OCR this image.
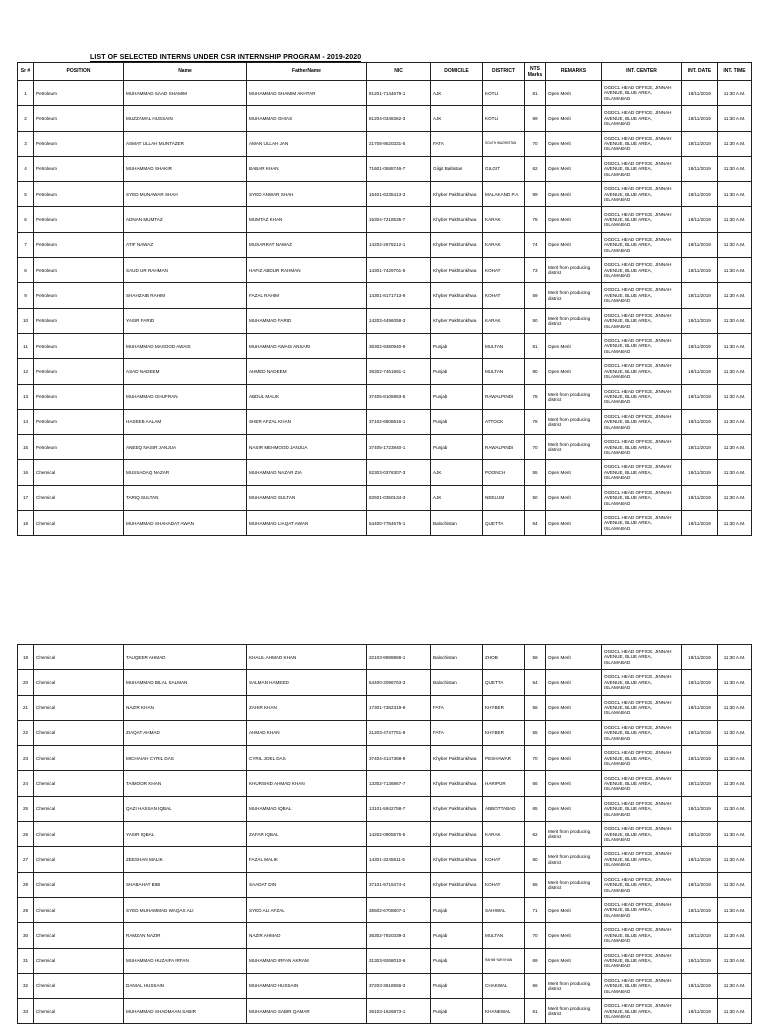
LIST OF SELECTED INTERNS UNDER CSR INTERNSHIP PROGRAM - 2019-2020
Sr #	POSITION	Name	FatherName	NIC	DOMICILE	DISTRICT	NTS Marks	REMARKS	INT. CENTER	INT. DATE	INT. TIME
1	Petroleum	MUHAMMAD SAAD SHAMIM	MUHAMMAD SHAMIM AKHTAR	81201-7144679-1	AJK	KOTLI	81	Open Merit	OGDCL HEAD OFFICE, JINNAH AVENUE, BLUE AREA, ISLAMABAD	18/11/2019	11:30 A.M.
2	Petroleum	MUZZAMAL HUSSAIN	MUHAMMAD GHIAS	81204-0348362-3	AJK	KOTLI	69	Open Merit	OGDCL HEAD OFFICE, JINNAH AVENUE, BLUE AREA, ISLAMABAD	18/11/2019	11:30 A.M.
3	Petroleum	ASMAT ULLAH MUNTAZER	AMAN ULLAH JAN	21708-9520331-5	FATA	SOUTH WAZIRISTAN	70	Open Merit	OGDCL HEAD OFFICE, JINNAH AVENUE, BLUE AREA, ISLAMABAD	18/11/2019	11:30 A.M.
4	Petroleum	MUHAMMAD SHAKIR	BABAR KHAN	71601-0588746-7	Gilgit Baltistan	GILGIT	62	Open Merit	OGDCL HEAD OFFICE, JINNAH AVENUE, BLUE AREA, ISLAMABAD	18/11/2019	11:30 A.M.
5	Petroleum	SYED MUNAWAR SHAH	SYED ANWAR SHAH	15401-6235413-3	Khyber Pakhtunkhwa	MALAKAND P.A	89	Open Merit	OGDCL HEAD OFFICE, JINNAH AVENUE, BLUE AREA, ISLAMABAD	18/11/2019	11:30 A.M.
6	Petroleum	ADNAN MUMTAZ	MUMTAZ KHAN	15304-7218535-7	Khyber Pakhtunkhwa	KARAK	76	Open Merit	OGDCL HEAD OFFICE, JINNAH AVENUE, BLUE AREA, ISLAMABAD	18/11/2019	11:30 A.M.
7	Petroleum	ATIF NAWAZ	MUSARRAT NAWAZ	14202-2676212-1	Khyber Pakhtunkhwa	KARAK	74	Open Merit	OGDCL HEAD OFFICE, JINNAH AVENUE, BLUE AREA, ISLAMABAD	18/11/2019	11:30 A.M.
8	Petroleum	SAUD UR RAHMAN	HAFIZ ABDUR RAHMAN	14301-7429701-5	Khyber Pakhtunkhwa	KOHAT	73	Merit from producing district	OGDCL HEAD OFFICE, JINNAH AVENUE, BLUE AREA, ISLAMABAD	18/11/2019	11:30 A.M.
9	Petroleum	SHAHZAIB RAHIM	FAZAL RAHIM	14301-8171713-9	Khyber Pakhtunkhwa	KOHAT	59	Merit from producing district	OGDCL HEAD OFFICE, JINNAH AVENUE, BLUE AREA, ISLAMABAD	18/11/2019	11:30 A.M.
10	Petroleum	YASIR FARID	MUHAMMAD FARID	14203-4496058-3	Khyber Pakhtunkhwa	KARAK	50	Merit from producing district	OGDCL HEAD OFFICE, JINNAH AVENUE, BLUE AREA, ISLAMABAD	18/11/2019	11:30 A.M.
11	Petroleum	MUHAMMAD MASOOD AWAIS	MUHAMMAD AWAIS ANSARI	36302-9380940-9	Punjab	MULTAN	81	Open Merit	OGDCL HEAD OFFICE, JINNAH AVENUE, BLUE AREA, ISLAMABAD	18/11/2019	11:30 A.M.
12	Petroleum	ASAD NADEEM	AHMED NADEEM	36302-7461681-1	Punjab	MULTAN	80	Open Merit	OGDCL HEAD OFFICE, JINNAH AVENUE, BLUE AREA, ISLAMABAD	18/11/2019	11:30 A.M.
13	Petroleum	MUHAMMAD GHUFRAN	ABDUL MALIK	37405-8105983-5	Punjab	RAWALPINDI	78	Merit from producing district	OGDCL HEAD OFFICE, JINNAH AVENUE, BLUE AREA, ISLAMABAD	18/11/2019	11:30 A.M.
14	Petroleum	HASEEB AALAM	SHER AFZAL KHAN	37102-6808516-1	Punjab	ATTOCK	76	Merit from producing district	OGDCL HEAD OFFICE, JINNAH AVENUE, BLUE AREA, ISLAMABAD	18/11/2019	11:30 A.M.
15	Petroleum	ANEEQ NASIR JANJUA	NASIR MEHMOOD JANJUA	37405-1723840-1	Punjab	RAWALPINDI	70	Merit from producing district	OGDCL HEAD OFFICE, JINNAH AVENUE, BLUE AREA, ISLAMABAD	18/11/2019	11:30 A.M.
16	Chemical	MUSSADAQ NAZAR	MUHAMMAD NAZAR ZIA	82303-0376307-3	AJK	POONCH	55	Open Merit	OGDCL HEAD OFFICE, JINNAH AVENUE, BLUE AREA, ISLAMABAD	18/11/2019	11:30 A.M.
17	Chemical	TARIQ SULTAN	MUHAMMAD SULTAN	82501-0350134-3	AJK	NEELUM	50	Open Merit	OGDCL HEAD OFFICE, JINNAH AVENUE, BLUE AREA, ISLAMABAD	18/11/2019	11:30 A.M.
18	Chemical	MUHAMMAD SHAHADAT AWAN	MUHAMMAD LIAQAT AWAN	54400-7784675-1	Balochistan	QUETTA	64	Open Merit	OGDCL HEAD OFFICE, JINNAH AVENUE, BLUE AREA, ISLAMABAD	18/11/2019	11:30 A.M.
19	Chemical	TAUQEER AHMAD	KHALIL AHMAD KHAN	32103-8898888-1	Balochistan	ZHOB	59	Open Merit	OGDCL HEAD OFFICE, JINNAH AVENUE, BLUE AREA, ISLAMABAD	18/11/2019	11:30 A.M.
20	Chemical	MUHAMMAD BILAL SALMAN	SALMAN HAMEED	54400-2096763-3	Balochistan	QUETTA	54	Open Merit	OGDCL HEAD OFFICE, JINNAH AVENUE, BLUE AREA, ISLAMABAD	18/11/2019	11:30 A.M.
21	Chemical	NAZIR KHAN	ZAHIR KHAN	17301-7382319-9	FATA	KHYBER	56	Open Merit	OGDCL HEAD OFFICE, JINNAH AVENUE, BLUE AREA, ISLAMABAD	18/11/2019	11:30 A.M.
22	Chemical	ZIAQAT AHMAD	AHMAD KHAN	21203-4747751-9	FATA	KHYBER	55	Open Merit	OGDCL HEAD OFFICE, JINNAH AVENUE, BLUE AREA, ISLAMABAD	18/11/2019	11:30 A.M.
23	Chemical	MICHAIAH CYRIL DAS	CYRIL JOEL DAS	37404-4147368-9	Khyber Pakhtunkhwa	PESHAWAR	70	Open Merit	OGDCL HEAD OFFICE, JINNAH AVENUE, BLUE AREA, ISLAMABAD	18/11/2019	11:30 A.M.
24	Chemical	TAIMOOR KHAN	KHURSHID AHMAD KHAN	13302-7136867-7	Khyber Pakhtunkhwa	HARIPUR	66	Open Merit	OGDCL HEAD OFFICE, JINNAH AVENUE, BLUE AREA, ISLAMABAD	18/11/2019	11:30 A.M.
25	Chemical	QAZI HASSAN IQBAL	MUHAMMAD IQBAL	13101-5942758-7	Khyber Pakhtunkhwa	ABBOTTABAD	65	Open Merit	OGDCL HEAD OFFICE, JINNAH AVENUE, BLUE AREA, ISLAMABAD	18/11/2019	11:30 A.M.
26	Chemical	YASIR IQBAL	ZAFAR IQBAL	14202-0905575-5	Khyber Pakhtunkhwa	KARAK	62	Merit from producing district	OGDCL HEAD OFFICE, JINNAH AVENUE, BLUE AREA, ISLAMABAD	18/11/2019	11:30 A.M.
27	Chemical	ZEESHAN MALIK	FAZAL MALIK	14301-3245811-5	Khyber Pakhtunkhwa	KOHAT	60	Merit from producing district	OGDCL HEAD OFFICE, JINNAH AVENUE, BLUE AREA, ISLAMABAD	18/11/2019	11:30 A.M.
28	Chemical	SHABAHAT BIBI	SAADAT DIN	37101-9715474-4	Khyber Pakhtunkhwa	KOHAT	56	Merit from producing district	OGDCL HEAD OFFICE, JINNAH AVENUE, BLUE AREA, ISLAMABAD	18/11/2019	11:30 A.M.
29	Chemical	SYED MUHAMMAD WAQAS ALI	SYED ALI AFZAL	36502-6708807-1	Punjab	SAHIWAL	71	Open Merit	OGDCL HEAD OFFICE, JINNAH AVENUE, BLUE AREA, ISLAMABAD	18/11/2019	11:30 A.M.
30	Chemical	RAMZAN NAZIR	NAZIR AHMAD	36302-7920339-3	Punjab	MULTAN	70	Open Merit	OGDCL HEAD OFFICE, JINNAH AVENUE, BLUE AREA, ISLAMABAD	18/11/2019	11:30 A.M.
31	Chemical	MUHAMMAD HUZAIFA IRFAN	MUHAMMAD IRFAN AKRAM	31303-9268010-6	Punjab	RAHIM YAR KHAN	69	Open Merit	OGDCL HEAD OFFICE, JINNAH AVENUE, BLUE AREA, ISLAMABAD	18/11/2019	11:30 A.M.
32	Chemical	DANIAL HUSSAIN	MUHAMMAD HUSSAIN	37203-3618556-3	Punjab	CHAKWAL	66	Merit from producing district	OGDCL HEAD OFFICE, JINNAH AVENUE, BLUE AREA, ISLAMABAD	18/11/2019	11:30 A.M.
33	Chemical	MUHAMMAD SHADMAAN SABIR	MUHAMMAD SABIR QAMAR	36103-1626873-1	Punjab	KHANEWAL	61	Merit from producing district	OGDCL HEAD OFFICE, JINNAH AVENUE, BLUE AREA, ISLAMABAD	18/11/2019	11:30 A.M.
